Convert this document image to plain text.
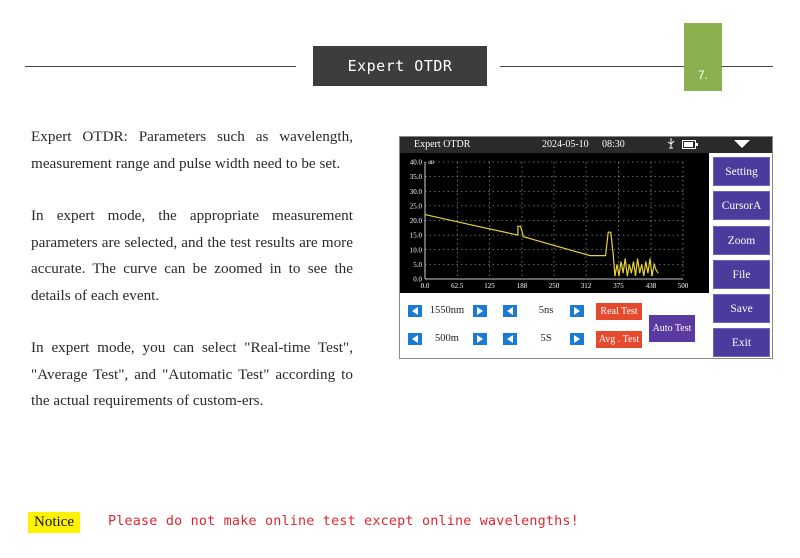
Expert OTDR	7.

Expert OTDR: Parameters such as wavelength, measurement range and pulse width need to be set.

In expert mode, the appropriate measurement parameters are selected, and the test results are more accurate. The curve can be zoomed in to see the details of each event.

In expert mode, you can select "Real-time Test", "Average Test", and "Automatic Test" according to the actual requirements of custom-ers.

Expert OTDR	2024-05-10 08:30
40.0
35.0
30.0
25.0
20.0
15.0
10.0
5.0
0.0
0.0	62.5	125	188	250	312	375	438	500
dB
Setting
CursorA
Zoom
File
Save
Exit
1550nm	5ns	Real Test
500m	5S	Avg . Test
Auto Test
Notice	Please do not make online test except online wavelengths!
